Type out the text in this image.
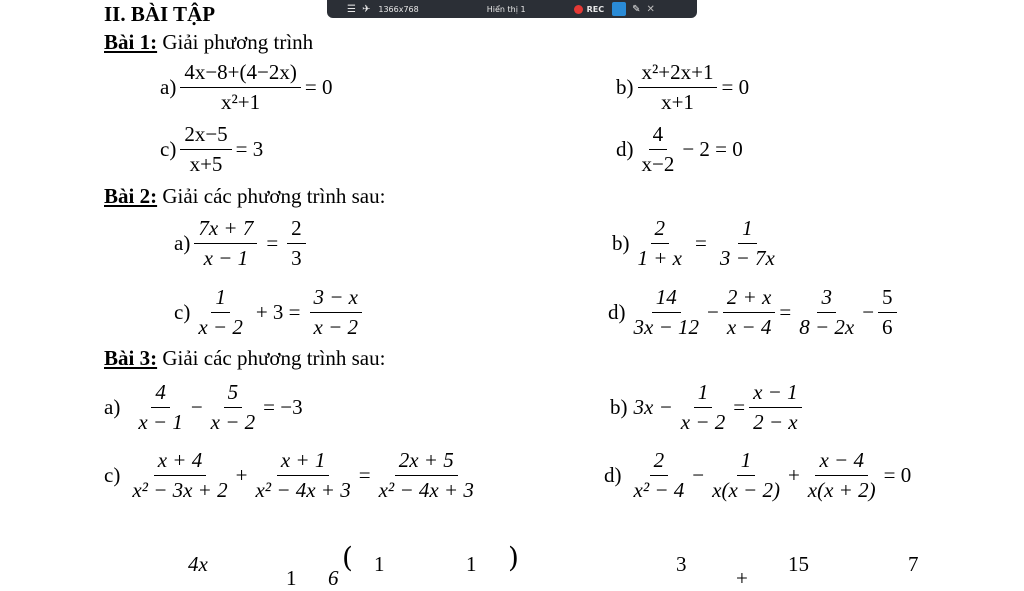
II. BÀI TẬP	☰ ✈ 1366x768	Hiển thị 1	REC	✎ ✕
Bài 1: Giải phương trình
$a) \frac{4x-8+(4-2x)}{\text{x²+1}} = 0$	$b) \frac{\text{x²+2x+1}}{x+1} = 0$
$c) \frac{2x-5}{x+5} = 3$	$d) \frac{4}{x-2} - 2 = 0$
Bài 2: Giải các phương trình sau:
$a) \frac{7x + 7}{x - 1} = \frac{2}{3}$	$b) \frac{2}{1 + x} = \frac{1}{3 - 7x}$
$c) \frac{1}{x - 2} + 3 = \frac{3 - x}{x - 2}$	$d) \frac{14}{3x - 12} - \frac{2 + x}{x - 4} = \frac{3}{8 - 2x} - \frac{5}{6}$
Bài 3: Giải các phương trình sau:
$a) \frac{4}{x - 1} - \frac{5}{x - 2} = -3$	b) $3x - \frac{1}{x - 2} = \frac{x - 1}{2 - x}$
$c) \frac{x + 4}{\text{x² − 3x + 2}} + \frac{x + 1}{\text{x² − 4x + 3}} = \frac{2x + 5}{\text{x² − 4x + 3}}$	$d) \frac{2}{\text{x² − 4}} - \frac{1}{x(x - 2)} + \frac{x - 4}{x(x + 2)} = 0$
4x
1 6
( 1	1 )	3
+
15	7
